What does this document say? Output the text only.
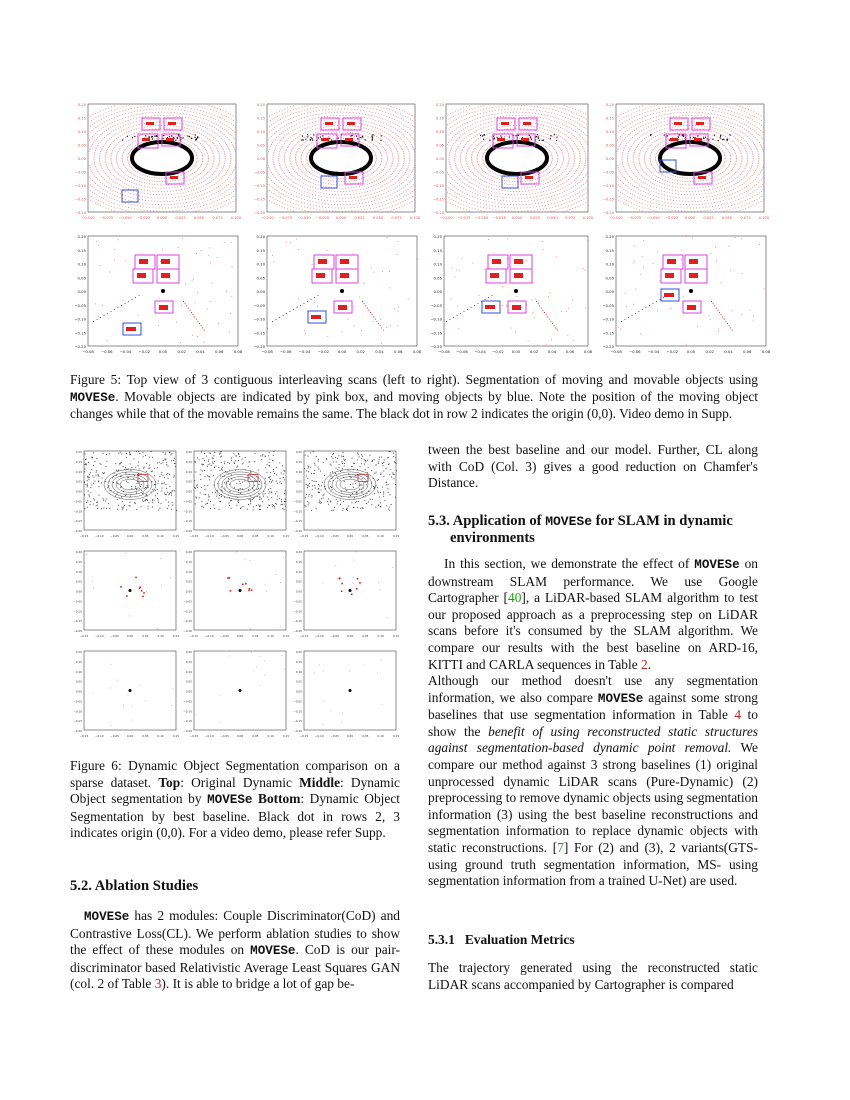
0.20
0.15
0.10
0.05
0.00
−0.05
−0.10
−0.15
−0.20
−0.100 −0.075 −0.050 −0.025 0.000 0.025 0.050 0.075 0.100
0.20
0.15
0.10
0.05
0.00
−0.05
−0.10
−0.15
−0.20
−0.100 −0.075 −0.050 −0.025 0.000 0.025 0.050 0.075 0.100
0.20
0.15
0.10
0.05
0.00
−0.05
−0.10
−0.15
−0.20
−0.100 −0.075 −0.050 −0.025 0.000 0.025 0.050 0.075 0.100
0.20
0.15
0.10
0.05
0.00
−0.05
−0.10
−0.15
−0.20
−0.100 −0.075 −0.050 −0.025 0.000 0.025 0.050 0.075 0.100
0.20
0.15
0.10
0.05
0.00
−0.05
−0.10
−0.15
−0.20
−0.08 −0.06 −0.04 −0.02 0.00	0.02	0.04	0.06	0.08
0.20
0.15
0.10
0.05
0.00
−0.05
−0.10
−0.15
−0.20
−0.08 −0.06 −0.04 −0.02 0.00	0.02	0.04	0.06	0.08
0.20
0.15
0.10
0.05
0.00
−0.05
−0.10
−0.15
−0.20
−0.08 −0.06 −0.04 −0.02 0.00	0.02	0.04	0.06	0.08
0.20
0.15
0.10
0.05
0.00
−0.05
−0.10
−0.15
−0.20
−0.08 −0.06 −0.04 −0.02 0.00	0.02	0.04	0.06	0.08
Figure 5: Top view of 3 contiguous interleaving scans (left to right). Segmentation of moving and movable objects using MOVESe. Movable objects are indicated by pink box, and moving objects by blue. Note the position of the moving object changes while that of the movable remains the same. The black dot in row 2 indicates the origin (0,0). Video demo in Supp.
0.20
0.15
0.10
0.05
0.00
−0.05
−0.10
−0.15
−0.20
−0.15 −0.10 −0.05	0.00	0.05	0.10	0.15
0.20
0.15
0.10
0.05
0.00
−0.05
−0.10
−0.15
−0.20
−0.15 −0.10 −0.05	0.00	0.05	0.10	0.15
0.20
0.15
0.10
0.05
0.00
−0.05
−0.10
−0.15
−0.20
−0.15 −0.10 −0.05	0.00	0.05	0.10	0.15
0.20
0.15
0.10
0.05
0.00
−0.05
−0.10
−0.15
−0.20
−0.15 −0.10 −0.05	0.00	0.05	0.10	0.15
0.20
0.15
0.10
0.05
0.00
−0.05
−0.10
−0.15
−0.20
−0.15 −0.10 −0.05	0.00	0.05	0.10	0.15
0.20
0.15
0.10
0.05
0.00
−0.05
−0.10
−0.15
−0.20
−0.15 −0.10 −0.05	0.00	0.05	0.10	0.15
0.20
0.15
0.10
0.05
0.00
−0.05
−0.10
−0.15
−0.20
−0.15 −0.10 −0.05	0.00	0.05	0.10	0.15
0.20
0.15
0.10
0.05
0.00
−0.05
−0.10
−0.15
−0.20
−0.15 −0.10 −0.05	0.00	0.05	0.10	0.15
0.20
0.15
0.10
0.05
0.00
−0.05
−0.10
−0.15
−0.20
−0.15 −0.10 −0.05	0.00	0.05	0.10	0.15
Figure 6: Dynamic Object Segmentation comparison on a sparse dataset. Top: Original Dynamic Middle: Dynamic Object segmentation by MOVESe Bottom: Dynamic Object Segmentation by best baseline. Black dot in rows 2, 3 indicates origin (0,0). For a video demo, please refer Supp.
5.2. Ablation Studies
MOVESe has 2 modules: Couple Discriminator(CoD) and Contrastive Loss(CL). We perform ablation studies to show the effect of these modules on MOVESe. CoD is our pair-discriminator based Relativistic Average Least Squares GAN (col. 2 of Table 3). It is able to bridge a lot of gap be-
tween the best baseline and our model. Further, CL along with CoD (Col. 3) gives a good reduction on Chamfer's Distance.
5.3. Application of MOVESe for SLAM in dynamic environments
In this section, we demonstrate the effect of MOVESe on downstream SLAM performance. We use Google Cartographer [40], a LiDAR-based SLAM algorithm to test our proposed approach as a preprocessing step on LiDAR scans before it's consumed by the SLAM algorithm. We compare our results with the best baseline on ARD-16, KITTI and CARLA sequences in Table 2.
Although our method doesn't use any segmentation information, we also compare MOVESe against some strong baselines that use segmentation information in Table 4 to show the benefit of using reconstructed static structures against segmentation-based dynamic point removal. We compare our method against 3 strong baselines (1) original unprocessed dynamic LiDAR scans (Pure-Dynamic) (2) preprocessing to remove dynamic objects using segmentation information (3) using the best baseline reconstructions and segmentation information to replace dynamic objects with static reconstructions. [7] For (2) and (3), 2 variants(GTS-using ground truth segmentation information, MS- using segmentation information from a trained U-Net) are used.
5.3.1   Evaluation Metrics
The trajectory generated using the reconstructed static LiDAR scans accompanied by Cartographer is compared
